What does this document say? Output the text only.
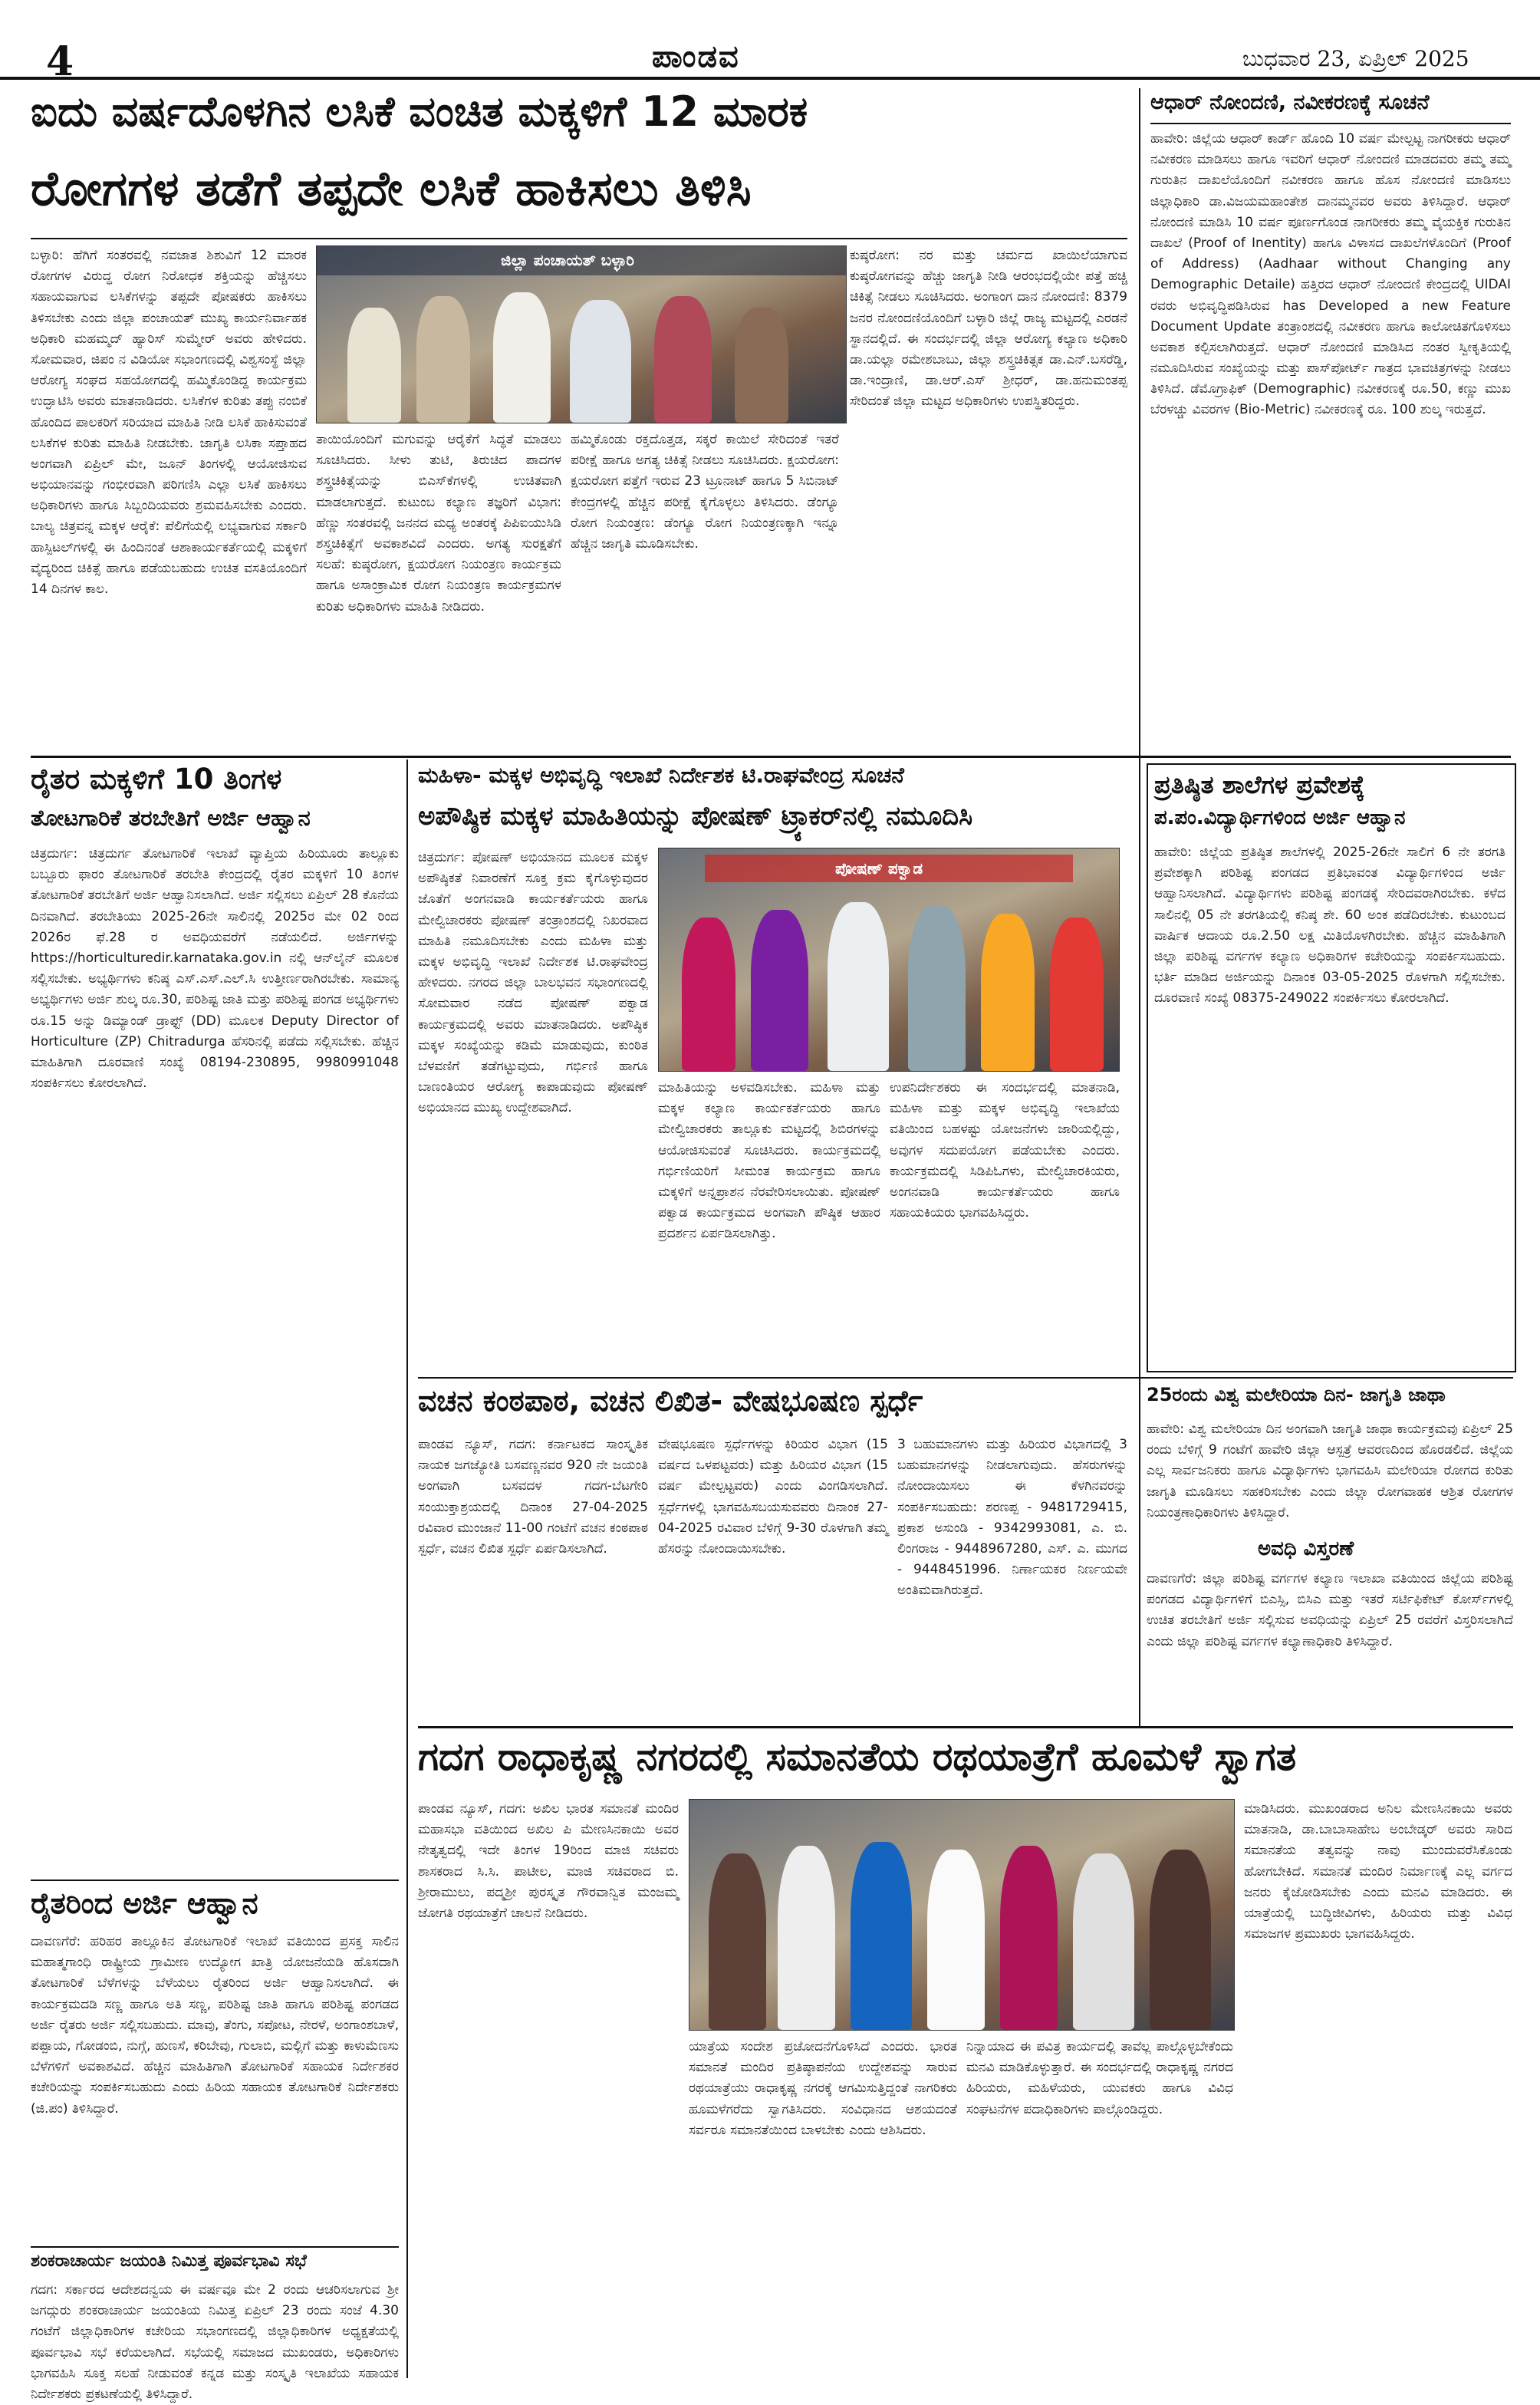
4	ಪಾಂಡವ	ಬುಧವಾರ 23, ಏಪ್ರಿಲ್ 2025
ಐದು ವರ್ಷದೊಳಗಿನ ಲಸಿಕೆ ವಂಚಿತ ಮಕ್ಕಳಿಗೆ 12 ಮಾರಕ
ರೋಗಗಳ ತಡೆಗೆ ತಪ್ಪದೇ ಲಸಿಕೆ ಹಾಕಿಸಲು ತಿಳಿಸಿ
ಬಳ್ಳಾರಿ: ಹೆಗಿಗೆ ಸಂತರವಲ್ಲಿ ನವಜಾತ ಶಿಶುವಿಗೆ 12 ಮಾರಕ ರೋಗಗಳ ವಿರುದ್ಧ ರೋಗ ನಿರೋಧಕ ಶಕ್ತಿಯನ್ನು ಹೆಚ್ಚಿಸಲು ಸಹಾಯವಾಗುವ ಲಸಿಕೆಗಳನ್ನು ತಪ್ಪದೇ ಪೋಷಕರು ಹಾಕಿಸಲು ತಿಳಿಸಬೇಕು ಎಂದು ಜಿಲ್ಲಾ ಪಂಚಾಯತ್ ಮುಖ್ಯ ಕಾರ್ಯನಿರ್ವಾಹಕ ಅಧಿಕಾರಿ ಮಹಮ್ಮದ್ ಹ್ಯಾರಿಸ್ ಸುಮ್ಮೇರ್ ಅವರು ಹೇಳಿದರು. ಸೋಮವಾರ, ಜಿಪಂ ನ ವಿಡಿಯೋ ಸಭಾಂಗಣದಲ್ಲಿ ವಿಶ್ವಸಂಸ್ಥೆ ಜಿಲ್ಲಾ ಆರೋಗ್ಯ ಸಂಘದ ಸಹಯೋಗದಲ್ಲಿ ಹಮ್ಮಿಕೊಂಡಿದ್ದ ಕಾರ್ಯಕ್ರಮ ಉದ್ಘಾಟಿಸಿ ಅವರು ಮಾತನಾಡಿದರು. ಲಸಿಕೆಗಳ ಕುರಿತು ತಪ್ಪು ನಂಬಿಕೆ ಹೊಂದಿದ ಪಾಲಕರಿಗೆ ಸರಿಯಾದ ಮಾಹಿತಿ ನೀಡಿ ಲಸಿಕೆ ಹಾಕಿಸುವಂತೆ ಲಸಿಕೆಗಳ ಕುರಿತು ಮಾಹಿತಿ ನೀಡಬೇಕು. ಜಾಗೃತಿ ಲಸಿಕಾ ಸಪ್ತಾಹದ ಅಂಗವಾಗಿ ಏಪ್ರಿಲ್ ಮೇ, ಜೂನ್ ತಿಂಗಳಲ್ಲಿ ಆಯೋಜಿಸುವ ಅಭಿಯಾನವನ್ನು ಗಂಭೀರವಾಗಿ ಪರಿಗಣಿಸಿ ಎಲ್ಲಾ ಲಸಿಕೆ ಹಾಕಿಸಲು ಅಧಿಕಾರಿಗಳು ಹಾಗೂ ಸಿಬ್ಬಂದಿಯವರು ಶ್ರಮವಹಿಸಬೇಕು ಎಂದರು. ಬಾಲ್ಯ ಚಿತ್ರವನ್ನ ಮಕ್ಕಳ ಆರೈಕೆ: ಪೆಲಿಗೆಯಲ್ಲಿ ಲಭ್ಯವಾಗುವ ಸರ್ಕಾರಿ ಹಾಸ್ಪಿಟಲ್‌ಗಳಲ್ಲಿ ಈ ಹಿಂದಿನಂತೆ ಆಶಾಕಾರ್ಯಕರ್ತೆಯಲ್ಲಿ ಮಕ್ಕಳಿಗೆ ವೈದ್ಯರಿಂದ ಚಿಕಿತ್ಸೆ ಹಾಗೂ ಪಡೆಯಬಹುದು ಉಚಿತ ವಸತಿಯೊಂದಿಗೆ 14 ದಿನಗಳ ಕಾಲ.
ಜಿಲ್ಲಾ ಪಂಚಾಯತ್ ಬಳ್ಳಾರಿ
ತಾಯಿಯೊಂದಿಗೆ ಮಗುವನ್ನು ಆರೈಕೆಗೆ ಸಿದ್ಧತೆ ಮಾಡಲು ಸೂಚಿಸಿದರು. ಸೀಳು ತುಟಿ, ತಿರುಚಿದ ಪಾದಗಳ ಶಸ್ತ್ರಚಿಕಿತ್ಸೆಯನ್ನು ಬಿಎಸ್‌ಕೆಗಳಲ್ಲಿ ಉಚಿತವಾಗಿ ಮಾಡಲಾಗುತ್ತದೆ. ಕುಟುಂಬ ಕಲ್ಯಾಣ ತಜ್ಞರಿಗೆ ವಿಭಾಗ: ಹೆಣ್ಣು ಸಂತರವಲ್ಲಿ ಜನನದ ಮಧ್ಯ ಅಂತರಕ್ಕೆ ಪಿಪಿಐಯುಸಿಡಿ ಶಸ್ತ್ರಚಿಕಿತ್ಸೆಗೆ ಅವಕಾಶವಿದೆ ಎಂದರು. ಅಗತ್ಯ ಸುರಕ್ಷತೆಗೆ ಸಲಹೆ: ಕುಷ್ಠರೋಗ, ಕ್ಷಯರೋಗ ನಿಯಂತ್ರಣ ಕಾರ್ಯಕ್ರಮ ಹಾಗೂ ಅಸಾಂಕ್ರಾಮಿಕ ರೋಗ ನಿಯಂತ್ರಣ ಕಾರ್ಯಕ್ರಮಗಳ ಕುರಿತು ಅಧಿಕಾರಿಗಳು ಮಾಹಿತಿ ನೀಡಿದರು.
ಹಮ್ಮಿಕೊಂಡು ರಕ್ತದೊತ್ತಡ, ಸಕ್ಕರೆ ಕಾಯಿಲೆ ಸೇರಿದಂತೆ ಇತರೆ ಪರೀಕ್ಷೆ ಹಾಗೂ ಅಗತ್ಯ ಚಿಕಿತ್ಸೆ ನೀಡಲು ಸೂಚಿಸಿದರು. ಕ್ಷಯರೋಗ: ಕ್ಷಯರೋಗ ಪತ್ತೆಗೆ ಇರುವ 23 ಟ್ರೂನಾಟ್ ಹಾಗೂ 5 ಸಿಬಿನಾಟ್ ಕೇಂದ್ರಗಳಲ್ಲಿ ಹೆಚ್ಚಿನ ಪರೀಕ್ಷೆ ಕೈಗೊಳ್ಳಲು ತಿಳಿಸಿದರು. ಡೆಂಗ್ಯೂ ರೋಗ ನಿಯಂತ್ರಣ: ಡೆಂಗ್ಯೂ ರೋಗ ನಿಯಂತ್ರಣಕ್ಕಾಗಿ ಇನ್ನೂ ಹೆಚ್ಚಿನ ಜಾಗೃತಿ ಮೂಡಿಸಬೇಕು.
ಕುಷ್ಠರೋಗ: ನರ ಮತ್ತು ಚರ್ಮದ ಖಾಯಿಲೆಯಾಗುವ ಕುಷ್ಠರೋಗವನ್ನು ಹೆಚ್ಚು ಜಾಗೃತಿ ನೀಡಿ ಆರಂಭದಲ್ಲಿಯೇ ಪತ್ತೆ ಹಚ್ಚಿ ಚಿಕಿತ್ಸೆ ನೀಡಲು ಸೂಚಿಸಿದರು. ಅಂಗಾಂಗ ದಾನ ನೋಂದಣಿ: 8379 ಜನರ ನೋಂದಣಿಯೊಂದಿಗೆ ಬಳ್ಳಾರಿ ಜಿಲ್ಲೆ ರಾಜ್ಯ ಮಟ್ಟದಲ್ಲಿ ಎರಡನೆ ಸ್ಥಾನದಲ್ಲಿದೆ. ಈ ಸಂದರ್ಭದಲ್ಲಿ ಜಿಲ್ಲಾ ಆರೋಗ್ಯ ಕಲ್ಯಾಣ ಅಧಿಕಾರಿ ಡಾ.ಯಲ್ಲಾ ರಮೇಶಬಾಬು, ಜಿಲ್ಲಾ ಶಸ್ತ್ರಚಿಕಿತ್ಸಕ ಡಾ.ಎನ್.ಬಸರೆಡ್ಡಿ, ಡಾ.ಇಂದ್ರಾಣಿ, ಡಾ.ಆರ್.ಎಸ್ ಶ್ರೀಧರ್, ಡಾ.ಹನುಮಂತಪ್ಪ ಸೇರಿದಂತೆ ಜಿಲ್ಲಾ ಮಟ್ಟದ ಅಧಿಕಾರಿಗಳು ಉಪಸ್ಥಿತರಿದ್ದರು.
ಆಧಾರ್ ನೋಂದಣಿ, ನವೀಕರಣಕ್ಕೆ ಸೂಚನೆ
ಹಾವೇರಿ: ಜಿಲ್ಲೆಯ ಆಧಾರ್ ಕಾರ್ಡ್ ಹೊಂದಿ 10 ವರ್ಷ ಮೇಲ್ಪಟ್ಟ ನಾಗರೀಕರು ಆಧಾರ್ ನವೀಕರಣ ಮಾಡಿಸಲು ಹಾಗೂ ಇವರಿಗೆ ಆಧಾರ್ ನೋಂದಣಿ ಮಾಡದವರು ತಮ್ಮ ತಮ್ಮ ಗುರುತಿನ ದಾಖಲೆಯೊಂದಿಗೆ ನವೀಕರಣ ಹಾಗೂ ಹೊಸ ನೋಂದಣಿ ಮಾಡಿಸಲು ಜಿಲ್ಲಾಧಿಕಾರಿ ಡಾ.ವಿಜಯಮಹಾಂತೇಶ ದಾನಮ್ಮನವರ ಅವರು ತಿಳಿಸಿದ್ದಾರೆ. ಆಧಾರ್ ನೋಂದಣಿ ಮಾಡಿಸಿ 10 ವರ್ಷ ಪೂರ್ಣಗೊಂಡ ನಾಗರೀಕರು ತಮ್ಮ ವೈಯಕ್ತಿಕ ಗುರುತಿನ ದಾಖಲೆ (Proof of Inentity) ಹಾಗೂ ವಿಳಾಸದ ದಾಖಲೆಗಳೊಂದಿಗೆ (Proof of Address) (Aadhaar without Changing any Demographic Detaile) ಹತ್ತಿರದ ಆಧಾರ್ ನೋಂದಣಿ ಕೇಂದ್ರದಲ್ಲಿ UIDAI ರವರು ಅಭಿವೃದ್ಧಿಪಡಿಸಿರುವ has Developed a new Feature Document Update ತಂತ್ರಾಂಶದಲ್ಲಿ ನವೀಕರಣ ಹಾಗೂ ಕಾಲೋಚಿತಗೊಳಿಸಲು ಅವಕಾಶ ಕಲ್ಪಿಸಲಾಗಿರುತ್ತದೆ. ಆಧಾರ್ ನೋಂದಣಿ ಮಾಡಿಸಿದ ನಂತರ ಸ್ವೀಕೃತಿಯಲ್ಲಿ ನಮೂದಿಸಿರುವ ಸಂಖ್ಯೆಯನ್ನು ಮತ್ತು ಪಾಸ್‌ಪೋರ್ಟ್ ಗಾತ್ರದ ಭಾವಚಿತ್ರಗಳನ್ನು ನೀಡಲು ತಿಳಿಸಿದೆ. ಡೆಮೊಗ್ರಾಫಿಕ್ (Demographic) ನವೀಕರಣಕ್ಕೆ ರೂ.50, ಕಣ್ಣು ಮುಖ ಬೆರಳಚ್ಚು ವಿವರಗಳ (Bio-Metric) ನವೀಕರಣಕ್ಕೆ ರೂ. 100 ಶುಲ್ಕ ಇರುತ್ತದೆ.
ರೈತರ ಮಕ್ಕಳಿಗೆ 10 ತಿಂಗಳ
ತೋಟಗಾರಿಕೆ ತರಬೇತಿಗೆ ಅರ್ಜಿ ಆಹ್ವಾನ
ಚಿತ್ರದುರ್ಗ: ಚಿತ್ರದುರ್ಗ ತೋಟಗಾರಿಕೆ ಇಲಾಖೆ ವ್ಯಾಪ್ತಿಯ ಹಿರಿಯೂರು ತಾಲ್ಲೂಕು ಬಬ್ಬೂರು ಫಾರಂ ತೋಟಗಾರಿಕೆ ತರಬೇತಿ ಕೇಂದ್ರದಲ್ಲಿ ರೈತರ ಮಕ್ಕಳಿಗೆ 10 ತಿಂಗಳ ತೋಟಗಾರಿಕೆ ತರಬೇತಿಗೆ ಅರ್ಜಿ ಆಹ್ವಾನಿಸಲಾಗಿದೆ. ಅರ್ಜಿ ಸಲ್ಲಿಸಲು ಏಪ್ರಿಲ್ 28 ಕೊನೆಯ ದಿನವಾಗಿದೆ. ತರಬೇತಿಯು 2025-26ನೇ ಸಾಲಿನಲ್ಲಿ 2025ರ ಮೇ 02 ರಿಂದ 2026ರ ಫೆ.28 ರ ಅವಧಿಯವರೆಗೆ ನಡೆಯಲಿದೆ. ಅರ್ಜಿಗಳನ್ನು https://horticulturedir.karnataka.gov.in ನಲ್ಲಿ ಆನ್‌ಲೈನ್ ಮೂಲಕ ಸಲ್ಲಿಸಬೇಕು. ಅಭ್ಯರ್ಥಿಗಳು ಕನಿಷ್ಠ ಎಸ್.ಎಸ್.ಎಲ್.ಸಿ ಉತ್ತೀರ್ಣರಾಗಿರಬೇಕು. ಸಾಮಾನ್ಯ ಅಭ್ಯರ್ಥಿಗಳು ಅರ್ಜಿ ಶುಲ್ಕ ರೂ.30, ಪರಿಶಿಷ್ಟ ಜಾತಿ ಮತ್ತು ಪರಿಶಿಷ್ಟ ಪಂಗಡ ಅಭ್ಯರ್ಥಿಗಳು ರೂ.15 ಅನ್ನು ಡಿಮ್ಯಾಂಡ್ ಡ್ರಾಫ್ಟ್ (DD) ಮೂಲಕ Deputy Director of Horticulture (ZP) Chitradurga ಹೆಸರಿನಲ್ಲಿ ಪಡೆದು ಸಲ್ಲಿಸಬೇಕು. ಹೆಚ್ಚಿನ ಮಾಹಿತಿಗಾಗಿ ದೂರವಾಣಿ ಸಂಖ್ಯೆ 08194-230895, 9980991048 ಸಂಪರ್ಕಿಸಲು ಕೋರಲಾಗಿದೆ.
ಮಹಿಳಾ- ಮಕ್ಕಳ ಅಭಿವೃದ್ಧಿ ಇಲಾಖೆ ನಿರ್ದೇಶಕ ಟಿ.ರಾಘವೇಂದ್ರ ಸೂಚನೆ
ಅಪೌಷ್ಠಿಕ ಮಕ್ಕಳ ಮಾಹಿತಿಯನ್ನು ಪೋಷಣ್ ಟ್ರ್ಯಾಕರ್‌ನಲ್ಲಿ ನಮೂದಿಸಿ
ಚಿತ್ರದುರ್ಗ: ಪೋಷಣ್ ಅಭಿಯಾನದ ಮೂಲಕ ಮಕ್ಕಳ ಅಪೌಷ್ಠಿಕತೆ ನಿವಾರಣೆಗೆ ಸೂಕ್ತ ಕ್ರಮ ಕೈಗೊಳ್ಳುವುದರ ಜೊತೆಗೆ ಅಂಗನವಾಡಿ ಕಾರ್ಯಕರ್ತೆಯರು ಹಾಗೂ ಮೇಲ್ವಿಚಾರಕರು ಪೋಷಣ್ ತಂತ್ರಾಂಶದಲ್ಲಿ ನಿಖರವಾದ ಮಾಹಿತಿ ನಮೂದಿಸಬೇಕು ಎಂದು ಮಹಿಳಾ ಮತ್ತು ಮಕ್ಕಳ ಅಭಿವೃದ್ಧಿ ಇಲಾಖೆ ನಿರ್ದೇಶಕ ಟಿ.ರಾಘವೇಂದ್ರ ಹೇಳಿದರು. ನಗರದ ಜಿಲ್ಲಾ ಬಾಲಭವನ ಸಭಾಂಗಣದಲ್ಲಿ ಸೋಮವಾರ ನಡೆದ ಪೋಷಣ್ ಪಕ್ವಾಡ ಕಾರ್ಯಕ್ರಮದಲ್ಲಿ ಅವರು ಮಾತನಾಡಿದರು. ಅಪೌಷ್ಠಿಕ ಮಕ್ಕಳ ಸಂಖ್ಯೆಯನ್ನು ಕಡಿಮೆ ಮಾಡುವುದು, ಕುಂಠಿತ ಬೆಳವಣಿಗೆ ತಡೆಗಟ್ಟುವುದು, ಗರ್ಭಿಣಿ ಹಾಗೂ ಬಾಣಂತಿಯರ ಆರೋಗ್ಯ ಕಾಪಾಡುವುದು ಪೋಷಣ್ ಅಭಿಯಾನದ ಮುಖ್ಯ ಉದ್ದೇಶವಾಗಿದೆ.
ಪೋಷಣ್ ಪಕ್ವಾಡ
ಮಾಹಿತಿಯನ್ನು ಅಳವಡಿಸಬೇಕು. ಮಹಿಳಾ ಮತ್ತು ಮಕ್ಕಳ ಕಲ್ಯಾಣ ಕಾರ್ಯಕರ್ತೆಯರು ಹಾಗೂ ಮೇಲ್ವಿಚಾರಕರು ತಾಲ್ಲೂಕು ಮಟ್ಟದಲ್ಲಿ ಶಿಬಿರಗಳನ್ನು ಆಯೋಜಿಸುವಂತೆ ಸೂಚಿಸಿದರು. ಕಾರ್ಯಕ್ರಮದಲ್ಲಿ ಗರ್ಭಿಣಿಯರಿಗೆ ಸೀಮಂತ ಕಾರ್ಯಕ್ರಮ ಹಾಗೂ ಮಕ್ಕಳಿಗೆ ಅನ್ನಪ್ರಾಶನ ನೆರವೇರಿಸಲಾಯಿತು. ಪೋಷಣ್ ಪಕ್ವಾಡ ಕಾರ್ಯಕ್ರಮದ ಅಂಗವಾಗಿ ಪೌಷ್ಠಿಕ ಆಹಾರ ಪ್ರದರ್ಶನ ಏರ್ಪಡಿಸಲಾಗಿತ್ತು.
ಉಪನಿರ್ದೇಶಕರು ಈ ಸಂದರ್ಭದಲ್ಲಿ ಮಾತನಾಡಿ, ಮಹಿಳಾ ಮತ್ತು ಮಕ್ಕಳ ಅಭಿವೃದ್ಧಿ ಇಲಾಖೆಯ ವತಿಯಿಂದ ಬಹಳಷ್ಟು ಯೋಜನೆಗಳು ಜಾರಿಯಲ್ಲಿದ್ದು, ಅವುಗಳ ಸದುಪಯೋಗ ಪಡೆಯಬೇಕು ಎಂದರು. ಕಾರ್ಯಕ್ರಮದಲ್ಲಿ ಸಿಡಿಪಿಓಗಳು, ಮೇಲ್ವಿಚಾರಕಿಯರು, ಅಂಗನವಾಡಿ ಕಾರ್ಯಕರ್ತೆಯರು ಹಾಗೂ ಸಹಾಯಕಿಯರು ಭಾಗವಹಿಸಿದ್ದರು.
ಪ್ರತಿಷ್ಠಿತ ಶಾಲೆಗಳ ಪ್ರವೇಶಕ್ಕೆ
ಪ.ಪಂ.ವಿದ್ಯಾರ್ಥಿಗಳಿಂದ ಅರ್ಜಿ ಆಹ್ವಾನ
ಹಾವೇರಿ: ಜಿಲ್ಲೆಯ ಪ್ರತಿಷ್ಠಿತ ಶಾಲೆಗಳಲ್ಲಿ 2025-26ನೇ ಸಾಲಿಗೆ 6 ನೇ ತರಗತಿ ಪ್ರವೇಶಕ್ಕಾಗಿ ಪರಿಶಿಷ್ಟ ಪಂಗಡದ ಪ್ರತಿಭಾವಂತ ವಿದ್ಯಾರ್ಥಿಗಳಿಂದ ಅರ್ಜಿ ಆಹ್ವಾನಿಸಲಾಗಿದೆ. ವಿದ್ಯಾರ್ಥಿಗಳು ಪರಿಶಿಷ್ಟ ಪಂಗಡಕ್ಕೆ ಸೇರಿದವರಾಗಿರಬೇಕು. ಕಳೆದ ಸಾಲಿನಲ್ಲಿ 05 ನೇ ತರಗತಿಯಲ್ಲಿ ಕನಿಷ್ಠ ಶೇ. 60 ಅಂಕ ಪಡೆದಿರಬೇಕು. ಕುಟುಂಬದ ವಾರ್ಷಿಕ ಆದಾಯ ರೂ.2.50 ಲಕ್ಷ ಮಿತಿಯೊಳಗಿರಬೇಕು. ಹೆಚ್ಚಿನ ಮಾಹಿತಿಗಾಗಿ ಜಿಲ್ಲಾ ಪರಿಶಿಷ್ಟ ವರ್ಗಗಳ ಕಲ್ಯಾಣ ಅಧಿಕಾರಿಗಳ ಕಚೇರಿಯನ್ನು ಸಂಪರ್ಕಿಸಬಹುದು. ಭರ್ತಿ ಮಾಡಿದ ಅರ್ಜಿಯನ್ನು ದಿನಾಂಕ 03-05-2025 ರೊಳಗಾಗಿ ಸಲ್ಲಿಸಬೇಕು. ದೂರವಾಣಿ ಸಂಖ್ಯೆ 08375-249022 ಸಂಪರ್ಕಿಸಲು ಕೋರಲಾಗಿದೆ.
ವಚನ ಕಂಠಪಾಠ, ವಚನ ಲಿಖಿತ- ವೇಷಭೂಷಣ ಸ್ಪರ್ಧೆ
ಪಾಂಡವ ನ್ಯೂಸ್, ಗದಗ: ಕರ್ನಾಟಕದ ಸಾಂಸ್ಕೃತಿಕ ನಾಯಕ ಜಗಜ್ಯೋತಿ ಬಸವಣ್ಣನವರ 920 ನೇ ಜಯಂತಿ ಅಂಗವಾಗಿ ಬಸವದಳ ಗದಗ-ಬೆಟಗೇರಿ ಸಂಯುಕ್ತಾಶ್ರಯದಲ್ಲಿ ದಿನಾಂಕ 27-04-2025 ರವಿವಾರ ಮುಂಜಾನೆ 11-00 ಗಂಟೆಗೆ ವಚನ ಕಂಠಪಾಠ ಸ್ಪರ್ಧೆ, ವಚನ ಲಿಖಿತ ಸ್ಪರ್ಧೆ ಏರ್ಪಡಿಸಲಾಗಿದೆ.
ವೇಷಭೂಷಣ ಸ್ಪರ್ಧೆಗಳನ್ನು ಕಿರಿಯರ ವಿಭಾಗ (15 ವರ್ಷದ ಒಳಪಟ್ಟವರು) ಮತ್ತು ಹಿರಿಯರ ವಿಭಾಗ (15 ವರ್ಷ ಮೇಲ್ಪಟ್ಟವರು) ಎಂದು ವಿಂಗಡಿಸಲಾಗಿದೆ. ಸ್ಪರ್ಧೆಗಳಲ್ಲಿ ಭಾಗವಹಿಸಬಯಸುವವರು ದಿನಾಂಕ 27-04-2025 ರವಿವಾರ ಬೆಳಿಗ್ಗೆ 9-30 ರೊಳಗಾಗಿ ತಮ್ಮ ಹೆಸರನ್ನು ನೋಂದಾಯಿಸಬೇಕು.
3 ಬಹುಮಾನಗಳು ಮತ್ತು ಹಿರಿಯರ ವಿಭಾಗದಲ್ಲಿ 3 ಬಹುಮಾನಗಳನ್ನು ನೀಡಲಾಗುವುದು. ಹೆಸರುಗಳನ್ನು ನೋಂದಾಯಿಸಲು ಈ ಕೆಳಗಿನವರನ್ನು ಸಂಪರ್ಕಿಸಬಹುದು: ಶರಣಪ್ಪ - 9481729415, ಪ್ರಕಾಶ ಅಸುಂಡಿ - 9342993081, ಎ. ಬಿ. ಲಿಂಗರಾಜ - 9448967280, ಎಸ್. ಎ. ಮುಗದ - 9448451996. ನಿರ್ಣಾಯಕರ ನಿರ್ಣಯವೇ ಅಂತಿಮವಾಗಿರುತ್ತದೆ.
25ರಂದು ವಿಶ್ವ ಮಲೇರಿಯಾ ದಿನ- ಜಾಗೃತಿ ಜಾಥಾ
ಹಾವೇರಿ: ವಿಶ್ವ ಮಲೇರಿಯಾ ದಿನ ಅಂಗವಾಗಿ ಜಾಗೃತಿ ಜಾಥಾ ಕಾರ್ಯಕ್ರಮವು ಏಪ್ರಿಲ್ 25 ರಂದು ಬೆಳಿಗ್ಗೆ 9 ಗಂಟೆಗೆ ಹಾವೇರಿ ಜಿಲ್ಲಾ ಆಸ್ಪತ್ರೆ ಆವರಣದಿಂದ ಹೊರಡಲಿದೆ. ಜಿಲ್ಲೆಯ ಎಲ್ಲ ಸಾರ್ವಜನಿಕರು ಹಾಗೂ ವಿದ್ಯಾರ್ಥಿಗಳು ಭಾಗವಹಿಸಿ ಮಲೇರಿಯಾ ರೋಗದ ಕುರಿತು ಜಾಗೃತಿ ಮೂಡಿಸಲು ಸಹಕರಿಸಬೇಕು ಎಂದು ಜಿಲ್ಲಾ ರೋಗವಾಹಕ ಆಶ್ರಿತ ರೋಗಗಳ ನಿಯಂತ್ರಣಾಧಿಕಾರಿಗಳು ತಿಳಿಸಿದ್ದಾರೆ.
ಅವಧಿ ವಿಸ್ತರಣೆ
ದಾವಣಗೆರೆ: ಜಿಲ್ಲಾ ಪರಿಶಿಷ್ಟ ವರ್ಗಗಳ ಕಲ್ಯಾಣ ಇಲಾಖಾ ವತಿಯಿಂದ ಜಿಲ್ಲೆಯ ಪರಿಶಿಷ್ಟ ಪಂಗಡದ ವಿದ್ಯಾರ್ಥಿಗಳಿಗೆ ಬಿಎಸ್ಸಿ, ಬಿಸಿಎ ಮತ್ತು ಇತರೆ ಸರ್ಟಿಫಿಕೇಟ್ ಕೋರ್ಸ್‌ಗಳಲ್ಲಿ ಉಚಿತ ತರಬೇತಿಗೆ ಅರ್ಜಿ ಸಲ್ಲಿಸುವ ಅವಧಿಯನ್ನು ಏಪ್ರಿಲ್ 25 ರವರೆಗೆ ವಿಸ್ತರಿಸಲಾಗಿದೆ ಎಂದು ಜಿಲ್ಲಾ ಪರಿಶಿಷ್ಟ ವರ್ಗಗಳ ಕಲ್ಯಾಣಾಧಿಕಾರಿ ತಿಳಿಸಿದ್ದಾರೆ.
ಗದಗ ರಾಧಾಕೃಷ್ಣ ನಗರದಲ್ಲಿ ಸಮಾನತೆಯ ರಥಯಾತ್ರೆಗೆ ಹೂಮಳೆ ಸ್ವಾಗತ
ಪಾಂಡವ ನ್ಯೂಸ್, ಗದಗ: ಅಖಿಲ ಭಾರತ ಸಮಾನತೆ ಮಂದಿರ ಮಹಾಸಭಾ ವತಿಯಿಂದ ಅಖಿಲ ಪಿ ಮೇಣಸಿನಕಾಯಿ ಅವರ ನೇತೃತ್ವದಲ್ಲಿ ಇದೇ ತಿಂಗಳ 19ರಿಂದ ಮಾಜಿ ಸಚಿವರು ಶಾಸಕರಾದ ಸಿ.ಸಿ. ಪಾಟೀಲ, ಮಾಜಿ ಸಚಿವರಾದ ಬಿ. ಶ್ರೀರಾಮುಲು, ಪದ್ಮಶ್ರೀ ಪುರಸ್ಕೃತ ಗೌರವಾನ್ವಿತ ಮಂಜಮ್ಮ ಜೋಗತಿ ರಥಯಾತ್ರೆಗೆ ಚಾಲನೆ ನೀಡಿದರು.
ಯಾತ್ರೆಯ ಸಂದೇಶ ಪ್ರಚೋದನೆಗೊಳಿಸಿದೆ ಎಂದರು. ಭಾರತ ಸಮಾನತೆ ಮಂದಿರ ಪ್ರತಿಷ್ಠಾಪನೆಯ ಉದ್ದೇಶವನ್ನು ಸಾರುವ ರಥಯಾತ್ರೆಯು ರಾಧಾಕೃಷ್ಣ ನಗರಕ್ಕೆ ಆಗಮಿಸುತ್ತಿದ್ದಂತೆ ನಾಗರಿಕರು ಹೂಮಳೆಗರೆದು ಸ್ವಾಗತಿಸಿದರು. ಸಂವಿಧಾನದ ಆಶಯದಂತೆ ಸರ್ವರೂ ಸಮಾನತೆಯಿಂದ ಬಾಳಬೇಕು ಎಂದು ಆಶಿಸಿದರು.
ನಿನ್ನಾಯಾದ ಈ ಪವಿತ್ರ ಕಾರ್ಯದಲ್ಲಿ ತಾವೆಲ್ಲ ಪಾಲ್ಗೊಳ್ಳಬೇಕೆಂದು ಮನವಿ ಮಾಡಿಕೊಳ್ಳುತ್ತಾರೆ. ಈ ಸಂದರ್ಭದಲ್ಲಿ ರಾಧಾಕೃಷ್ಣ ನಗರದ ಹಿರಿಯರು, ಮಹಿಳೆಯರು, ಯುವಕರು ಹಾಗೂ ವಿವಿಧ ಸಂಘಟನೆಗಳ ಪದಾಧಿಕಾರಿಗಳು ಪಾಲ್ಗೊಂಡಿದ್ದರು.
ಮಾಡಿಸಿದರು. ಮುಖಂಡರಾದ ಅನಿಲ ಮೇಣಸಿನಕಾಯಿ ಅವರು ಮಾತನಾಡಿ, ಡಾ.ಬಾಬಾಸಾಹೇಬ ಅಂಬೇಡ್ಕರ್ ಅವರು ಸಾರಿದ ಸಮಾನತೆಯ ತತ್ವವನ್ನು ನಾವು ಮುಂದುವರೆಸಿಕೊಂಡು ಹೋಗಬೇಕಿದೆ. ಸಮಾನತೆ ಮಂದಿರ ನಿರ್ಮಾಣಕ್ಕೆ ಎಲ್ಲ ವರ್ಗದ ಜನರು ಕೈಜೋಡಿಸಬೇಕು ಎಂದು ಮನವಿ ಮಾಡಿದರು. ಈ ಯಾತ್ರೆಯಲ್ಲಿ ಬುದ್ಧಿಜೀವಿಗಳು, ಹಿರಿಯರು ಮತ್ತು ವಿವಿಧ ಸಮಾಜಗಳ ಪ್ರಮುಖರು ಭಾಗವಹಿಸಿದ್ದರು.
ರೈತರಿಂದ ಅರ್ಜಿ ಆಹ್ವಾನ
ದಾವಣಗೆರೆ: ಹರಿಹರ ತಾಲ್ಲೂಕಿನ ತೋಟಗಾರಿಕೆ ಇಲಾಖೆ ವತಿಯಿಂದ ಪ್ರಸಕ್ತ ಸಾಲಿನ ಮಹಾತ್ಮಗಾಂಧಿ ರಾಷ್ಟ್ರೀಯ ಗ್ರಾಮೀಣ ಉದ್ಯೋಗ ಖಾತ್ರಿ ಯೋಜನೆಯಡಿ ಹೊಸದಾಗಿ ತೋಟಗಾರಿಕೆ ಬೆಳೆಗಳನ್ನು ಬೆಳೆಯಲು ರೈತರಿಂದ ಅರ್ಜಿ ಆಹ್ವಾನಿಸಲಾಗಿದೆ. ಈ ಕಾರ್ಯಕ್ರಮದಡಿ ಸಣ್ಣ ಹಾಗೂ ಅತಿ ಸಣ್ಣ, ಪರಿಶಿಷ್ಟ ಜಾತಿ ಹಾಗೂ ಪರಿಶಿಷ್ಟ ಪಂಗಡದ ಅರ್ಜಿ ರೈತರು ಅರ್ಜಿ ಸಲ್ಲಿಸಬಹುದು. ಮಾವು, ತೆಂಗು, ಸಪೋಟ, ನೇರಳೆ, ಅಂಗಾಂಶಬಾಳೆ, ಪಪ್ಪಾಯ, ಗೋಡಂಬಿ, ನುಗ್ಗೆ, ಹುಣಸೆ, ಕರಿಬೇವು, ಗುಲಾಬಿ, ಮಲ್ಲಿಗೆ ಮತ್ತು ಕಾಳುಮೆಣಸು ಬೆಳೆಗಳಿಗೆ ಅವಕಾಶವಿದೆ. ಹೆಚ್ಚಿನ ಮಾಹಿತಿಗಾಗಿ ತೋಟಗಾರಿಕೆ ಸಹಾಯಕ ನಿರ್ದೇಶಕರ ಕಚೇರಿಯನ್ನು ಸಂಪರ್ಕಿಸಬಹುದು ಎಂದು ಹಿರಿಯ ಸಹಾಯಕ ತೋಟಗಾರಿಕೆ ನಿರ್ದೇಶಕರು (ಜಿ.ಪಂ) ತಿಳಿಸಿದ್ದಾರೆ.
ಶಂಕರಾಚಾರ್ಯ ಜಯಂತಿ ನಿಮಿತ್ತ ಪೂರ್ವಭಾವಿ ಸಭೆ
ಗದಗ: ಸರ್ಕಾರದ ಆದೇಶದನ್ವಯ ಈ ವರ್ಷವೂ ಮೇ 2 ರಂದು ಆಚರಿಸಲಾಗುವ ಶ್ರೀ ಜಗದ್ಗುರು ಶಂಕರಾಚಾರ್ಯ ಜಯಂತಿಯ ನಿಮಿತ್ತ ಏಪ್ರಿಲ್ 23 ರಂದು ಸಂಜೆ 4.30 ಗಂಟೆಗೆ ಜಿಲ್ಲಾಧಿಕಾರಿಗಳ ಕಚೇರಿಯ ಸಭಾಂಗಣದಲ್ಲಿ ಜಿಲ್ಲಾಧಿಕಾರಿಗಳ ಅಧ್ಯಕ್ಷತೆಯಲ್ಲಿ ಪೂರ್ವಭಾವಿ ಸಭೆ ಕರೆಯಲಾಗಿದೆ. ಸಭೆಯಲ್ಲಿ ಸಮಾಜದ ಮುಖಂಡರು, ಅಧಿಕಾರಿಗಳು ಭಾಗವಹಿಸಿ ಸೂಕ್ತ ಸಲಹೆ ನೀಡುವಂತೆ ಕನ್ನಡ ಮತ್ತು ಸಂಸ್ಕೃತಿ ಇಲಾಖೆಯ ಸಹಾಯಕ ನಿರ್ದೇಶಕರು ಪ್ರಕಟಣೆಯಲ್ಲಿ ತಿಳಿಸಿದ್ದಾರೆ.
